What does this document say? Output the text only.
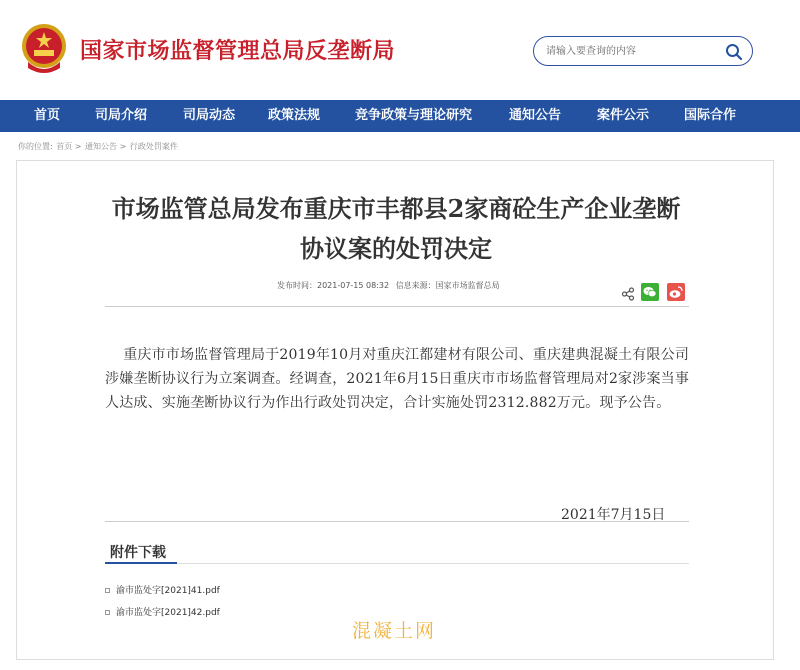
国家市场监督管理总局反垄断局
请输入要查询的内容
首页	司局介绍	司局动态	政策法规	竞争政策与理论研究	通知公告	案件公示	国际合作
你的位置: 首页 > 通知公告 > 行政处罚案件
市场监管总局发布重庆市丰都县2家商砼生产企业垄断协议案的处罚决定
发布时间：2021-07-15 08:32 信息来源：国家市场监督总局
重庆市市场监督管理局于2019年10月对重庆江都建材有限公司、重庆建典混凝土有限公司涉嫌垄断协议行为立案调查。经调查，2021年6月15日重庆市市场监督管理局对2家涉案当事人达成、实施垄断协议行为作出行政处罚决定，合计实施处罚2312.882万元。现予公告。
2021年7月15日
附件下载
渝市监处字[2021]41.pdf
渝市监处字[2021]42.pdf
混凝土网
